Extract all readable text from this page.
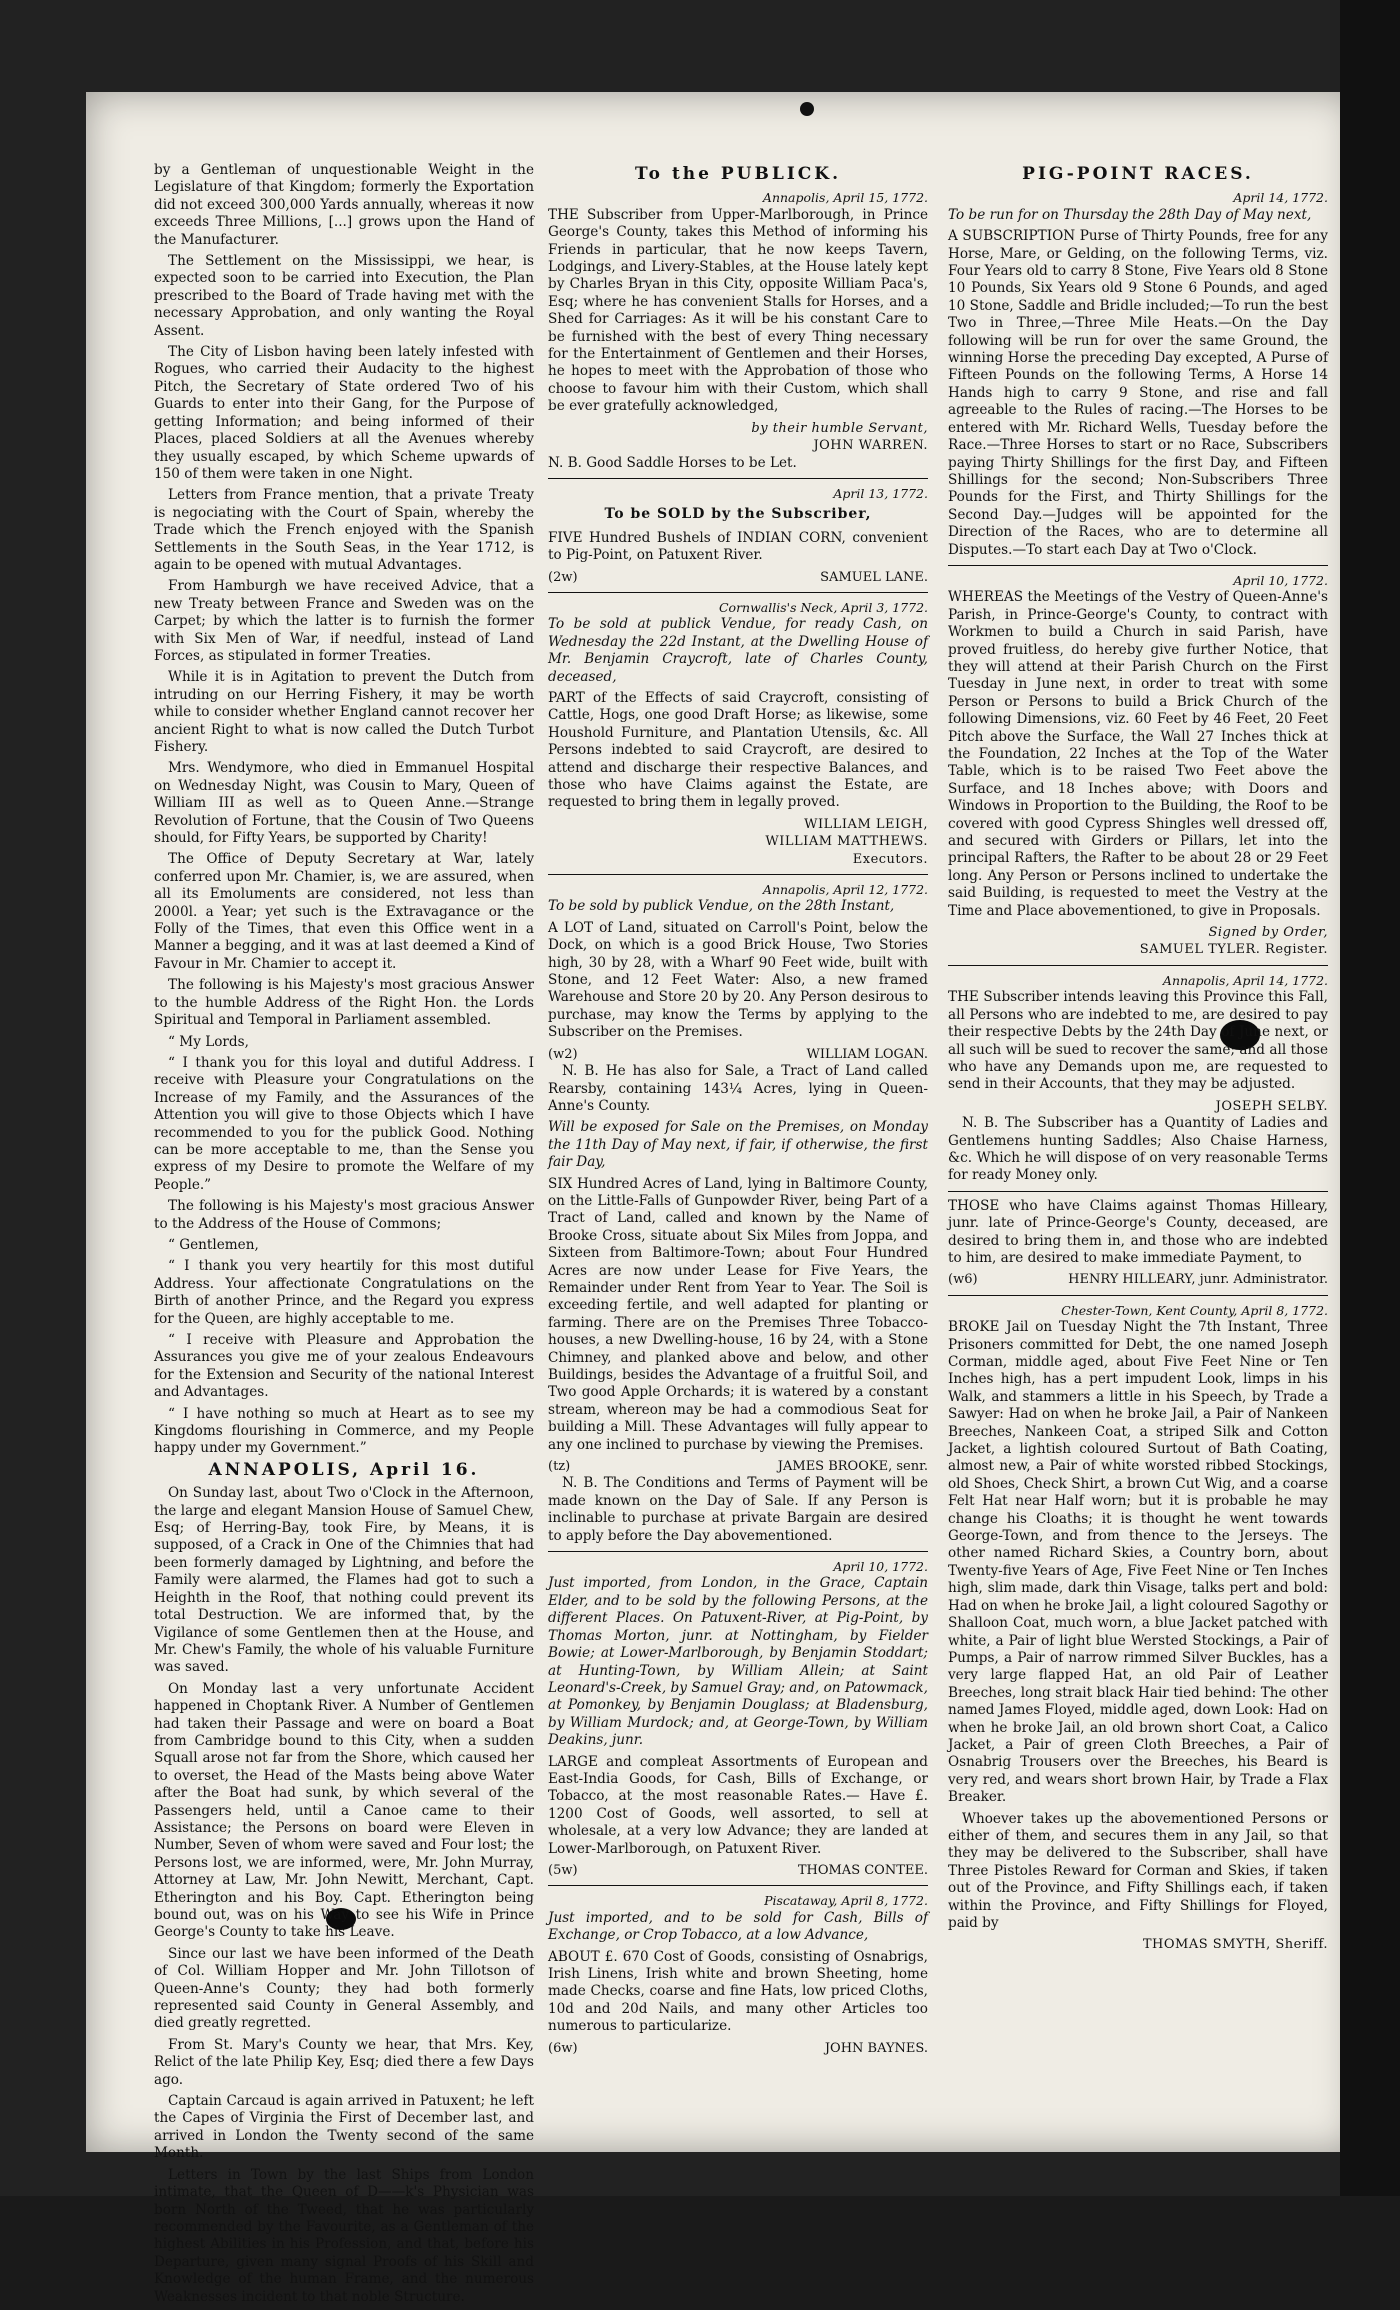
by a Gentleman of unquestionable Weight in the Legislature of that Kingdom; formerly the Exportation did not exceed 300,000 Yards annually, whereas it now exceeds Three Millions, [...] grows upon the Hand of the Manufacturer.

The Settlement on the Mississippi, we hear, is expected soon to be carried into Execution, the Plan prescribed to the Board of Trade having met with the necessary Approbation, and only wanting the Royal Assent.

The City of Lisbon having been lately infested with Rogues, who carried their Audacity to the highest Pitch, the Secretary of State ordered Two of his Guards to enter into their Gang, for the Purpose of getting Information; and being informed of their Places, placed Soldiers at all the Avenues whereby they usually escaped, by which Scheme upwards of 150 of them were taken in one Night.

Letters from France mention, that a private Treaty is negociating with the Court of Spain, whereby the Trade which the French enjoyed with the Spanish Settlements in the South Seas, in the Year 1712, is again to be opened with mutual Advantages.

From Hamburgh we have received Advice, that a new Treaty between France and Sweden was on the Carpet; by which the latter is to furnish the former with Six Men of War, if needful, instead of Land Forces, as stipulated in former Treaties.

While it is in Agitation to prevent the Dutch from intruding on our Herring Fishery, it may be worth while to consider whether England cannot recover her ancient Right to what is now called the Dutch Turbot Fishery.

Mrs. Wendymore, who died in Emmanuel Hospital on Wednesday Night, was Cousin to Mary, Queen of William III as well as to Queen Anne.—Strange Revolution of Fortune, that the Cousin of Two Queens should, for Fifty Years, be supported by Charity!

The Office of Deputy Secretary at War, lately conferred upon Mr. Chamier, is, we are assured, when all its Emoluments are considered, not less than 2000l. a Year; yet such is the Extravagance or the Folly of the Times, that even this Office went in a Manner a begging, and it was at last deemed a Kind of Favour in Mr. Chamier to accept it.

The following is his Majesty's most gracious Answer to the humble Address of the Right Hon. the Lords Spiritual and Temporal in Parliament assembled.

“ My Lords,

“ I thank you for this loyal and dutiful Address. I receive with Pleasure your Congratulations on the Increase of my Family, and the Assurances of the Attention you will give to those Objects which I have recommended to you for the publick Good. Nothing can be more acceptable to me, than the Sense you express of my Desire to promote the Welfare of my People.”

The following is his Majesty's most gracious Answer to the Address of the House of Commons;

“ Gentlemen,

“ I thank you very heartily for this most dutiful Address. Your affectionate Congratulations on the Birth of another Prince, and the Regard you express for the Queen, are highly acceptable to me.

“ I receive with Pleasure and Approbation the Assurances you give me of your zealous Endeavours for the Extension and Security of the national Interest and Advantages.

“ I have nothing so much at Heart as to see my Kingdoms flourishing in Commerce, and my People happy under my Government.”

ANNAPOLIS, April 16.

On Sunday last, about Two o'Clock in the Afternoon, the large and elegant Mansion House of Samuel Chew, Esq; of Herring-Bay, took Fire, by Means, it is supposed, of a Crack in One of the Chimnies that had been formerly damaged by Lightning, and before the Family were alarmed, the Flames had got to such a Heighth in the Roof, that nothing could prevent its total Destruction. We are informed that, by the Vigilance of some Gentlemen then at the House, and Mr. Chew's Family, the whole of his valuable Furniture was saved.

On Monday last a very unfortunate Accident happened in Choptank River. A Number of Gentlemen had taken their Passage and were on board a Boat from Cambridge bound to this City, when a sudden Squall arose not far from the Shore, which caused her to overset, the Head of the Masts being above Water after the Boat had sunk, by which several of the Passengers held, until a Canoe came to their Assistance; the Persons on board were Eleven in Number, Seven of whom were saved and Four lost; the Persons lost, we are informed, were, Mr. John Murray, Attorney at Law, Mr. John Newitt, Merchant, Capt. Etherington and his Boy. Capt. Etherington being bound out, was on his Way to see his Wife in Prince George's County to take his Leave.

Since our last we have been informed of the Death of Col. William Hopper and Mr. John Tillotson of Queen-Anne's County; they had both formerly represented said County in General Assembly, and died greatly regretted.

From St. Mary's County we hear, that Mrs. Key, Relict of the late Philip Key, Esq; died there a few Days ago.

Captain Carcaud is again arrived in Patuxent; he left the Capes of Virginia the First of December last, and arrived in London the Twenty second of the same Month.

Letters in Town by the last Ships from London intimate, that the Queen of D——k's Physician was born North of the Tweed, that he was particularly recommended by the Favourite, as a Gentleman of the highest Abilities in his Profession, and that, before his Departure, given many signal Proofs of his Skill and Knowledge of the human Frame, and the numerous Weaknesses incident to that noble Structure.

To the PUBLICK.
Annapolis, April 15, 1772.

THE Subscriber from Upper-Marlborough, in Prince George's County, takes this Method of informing his Friends in particular, that he now keeps Tavern, Lodgings, and Livery-Stables, at the House lately kept by Charles Bryan in this City, opposite William Paca's, Esq; where he has convenient Stalls for Horses, and a Shed for Carriages: As it will be his constant Care to be furnished with the best of every Thing necessary for the Entertainment of Gentlemen and their Horses, he hopes to meet with the Approbation of those who choose to favour him with their Custom, which shall be ever gratefully acknowledged,

by their humble Servant,
JOHN WARREN.

N. B. Good Saddle Horses to be Let.

April 13, 1772.
To be SOLD by the Subscriber,

FIVE Hundred Bushels of INDIAN CORN, convenient to Pig-Point, on Patuxent River.

(2w)	SAMUEL LANE.
Cornwallis's Neck, April 3, 1772.

To be sold at publick Vendue, for ready Cash, on Wednesday the 22d Instant, at the Dwelling House of Mr. Benjamin Craycroft, late of Charles County, deceased,

PART of the Effects of said Craycroft, consisting of Cattle, Hogs, one good Draft Horse; as likewise, some Houshold Furniture, and Plantation Utensils, &c. All Persons indebted to said Craycroft, are desired to attend and discharge their respective Balances, and those who have Claims against the Estate, are requested to bring them in legally proved.

WILLIAM LEIGH,
WILLIAM MATTHEWS.
Executors.
Annapolis, April 12, 1772.

To be sold by publick Vendue, on the 28th Instant,

A LOT of Land, situated on Carroll's Point, below the Dock, on which is a good Brick House, Two Stories high, 30 by 28, with a Wharf 90 Feet wide, built with Stone, and 12 Feet Water: Also, a new framed Warehouse and Store 20 by 20. Any Person desirous to purchase, may know the Terms by applying to the Subscriber on the Premises.

(w2)	WILLIAM LOGAN.

N. B. He has also for Sale, a Tract of Land called Rearsby, containing 143¼ Acres, lying in Queen-Anne's County.

Will be exposed for Sale on the Premises, on Monday the 11th Day of May next, if fair, if otherwise, the first fair Day,

SIX Hundred Acres of Land, lying in Baltimore County, on the Little-Falls of Gunpowder River, being Part of a Tract of Land, called and known by the Name of Brooke Cross, situate about Six Miles from Joppa, and Sixteen from Baltimore-Town; about Four Hundred Acres are now under Lease for Five Years, the Remainder under Rent from Year to Year. The Soil is exceeding fertile, and well adapted for planting or farming. There are on the Premises Three Tobacco-houses, a new Dwelling-house, 16 by 24, with a Stone Chimney, and planked above and below, and other Buildings, besides the Advantage of a fruitful Soil, and Two good Apple Orchards; it is watered by a constant stream, whereon may be had a commodious Seat for building a Mill. These Advantages will fully appear to any one inclined to purchase by viewing the Premises.

(tz)	JAMES BROOKE, senr.

N. B. The Conditions and Terms of Payment will be made known on the Day of Sale. If any Person is inclinable to purchase at private Bargain are desired to apply before the Day abovementioned.

April 10, 1772.

Just imported, from London, in the Grace, Captain Elder, and to be sold by the following Persons, at the different Places. On Patuxent-River, at Pig-Point, by Thomas Morton, junr. at Nottingham, by Fielder Bowie; at Lower-Marlborough, by Benjamin Stoddart; at Hunting-Town, by William Allein; at Saint Leonard's-Creek, by Samuel Gray; and, on Patowmack, at Pomonkey, by Benjamin Douglass; at Bladensburg, by William Murdock; and, at George-Town, by William Deakins, junr.

LARGE and compleat Assortments of European and East-India Goods, for Cash, Bills of Exchange, or Tobacco, at the most reasonable Rates.— Have £. 1200 Cost of Goods, well assorted, to sell at wholesale, at a very low Advance; they are landed at Lower-Marlborough, on Patuxent River.

(5w)	THOMAS CONTEE.
Piscataway, April 8, 1772.

Just imported, and to be sold for Cash, Bills of Exchange, or Crop Tobacco, at a low Advance,

ABOUT £. 670 Cost of Goods, consisting of Osnabrigs, Irish Linens, Irish white and brown Sheeting, home made Checks, coarse and fine Hats, low priced Cloths, 10d and 20d Nails, and many other Articles too numerous to particularize.

(6w)	JOHN BAYNES.
PIG-POINT RACES.
April 14, 1772.

To be run for on Thursday the 28th Day of May next,

A SUBSCRIPTION Purse of Thirty Pounds, free for any Horse, Mare, or Gelding, on the following Terms, viz. Four Years old to carry 8 Stone, Five Years old 8 Stone 10 Pounds, Six Years old 9 Stone 6 Pounds, and aged 10 Stone, Saddle and Bridle included;—To run the best Two in Three,—Three Mile Heats.—On the Day following will be run for over the same Ground, the winning Horse the preceding Day excepted, A Purse of Fifteen Pounds on the following Terms, A Horse 14 Hands high to carry 9 Stone, and rise and fall agreeable to the Rules of racing.—The Horses to be entered with Mr. Richard Wells, Tuesday before the Race.—Three Horses to start or no Race, Subscribers paying Thirty Shillings for the first Day, and Fifteen Shillings for the second; Non-Subscribers Three Pounds for the First, and Thirty Shillings for the Second Day.—Judges will be appointed for the Direction of the Races, who are to determine all Disputes.—To start each Day at Two o'Clock.

April 10, 1772.

WHEREAS the Meetings of the Vestry of Queen-Anne's Parish, in Prince-George's County, to contract with Workmen to build a Church in said Parish, have proved fruitless, do hereby give further Notice, that they will attend at their Parish Church on the First Tuesday in June next, in order to treat with some Person or Persons to build a Brick Church of the following Dimensions, viz. 60 Feet by 46 Feet, 20 Feet Pitch above the Surface, the Wall 27 Inches thick at the Foundation, 22 Inches at the Top of the Water Table, which is to be raised Two Feet above the Surface, and 18 Inches above; with Doors and Windows in Proportion to the Building, the Roof to be covered with good Cypress Shingles well dressed off, and secured with Girders or Pillars, let into the principal Rafters, the Rafter to be about 28 or 29 Feet long. Any Person or Persons inclined to undertake the said Building, is requested to meet the Vestry at the Time and Place abovementioned, to give in Proposals.

Signed by Order,
SAMUEL TYLER. Register.
Annapolis, April 14, 1772.

THE Subscriber intends leaving this Province this Fall, all Persons who are indebted to me, are desired to pay their respective Debts by the 24th Day of June next, or all such will be sued to recover the same; and all those who have any Demands upon me, are requested to send in their Accounts, that they may be adjusted.

JOSEPH SELBY.

N. B. The Subscriber has a Quantity of Ladies and Gentlemens hunting Saddles; Also Chaise Harness, &c. Which he will dispose of on very reasonable Terms for ready Money only.

THOSE who have Claims against Thomas Hilleary, junr. late of Prince-George's County, deceased, are desired to bring them in, and those who are indebted to him, are desired to make immediate Payment, to

(w6)	HENRY HILLEARY, junr. Administrator.
Chester-Town, Kent County, April 8, 1772.

BROKE Jail on Tuesday Night the 7th Instant, Three Prisoners committed for Debt, the one named Joseph Corman, middle aged, about Five Feet Nine or Ten Inches high, has a pert impudent Look, limps in his Walk, and stammers a little in his Speech, by Trade a Sawyer: Had on when he broke Jail, a Pair of Nankeen Breeches, Nankeen Coat, a striped Silk and Cotton Jacket, a lightish coloured Surtout of Bath Coating, almost new, a Pair of white worsted ribbed Stockings, old Shoes, Check Shirt, a brown Cut Wig, and a coarse Felt Hat near Half worn; but it is probable he may change his Cloaths; it is thought he went towards George-Town, and from thence to the Jerseys. The other named Richard Skies, a Country born, about Twenty-five Years of Age, Five Feet Nine or Ten Inches high, slim made, dark thin Visage, talks pert and bold: Had on when he broke Jail, a light coloured Sagothy or Shalloon Coat, much worn, a blue Jacket patched with white, a Pair of light blue Wersted Stockings, a Pair of Pumps, a Pair of narrow rimmed Silver Buckles, has a very large flapped Hat, an old Pair of Leather Breeches, long strait black Hair tied behind: The other named James Floyed, middle aged, down Look: Had on when he broke Jail, an old brown short Coat, a Calico Jacket, a Pair of green Cloth Breeches, a Pair of Osnabrig Trousers over the Breeches, his Beard is very red, and wears short brown Hair, by Trade a Flax Breaker.

Whoever takes up the abovementioned Persons or either of them, and secures them in any Jail, so that they may be delivered to the Subscriber, shall have Three Pistoles Reward for Corman and Skies, if taken out of the Province, and Fifty Shillings each, if taken within the Province, and Fifty Shillings for Floyed, paid by

THOMAS SMYTH, Sheriff.
